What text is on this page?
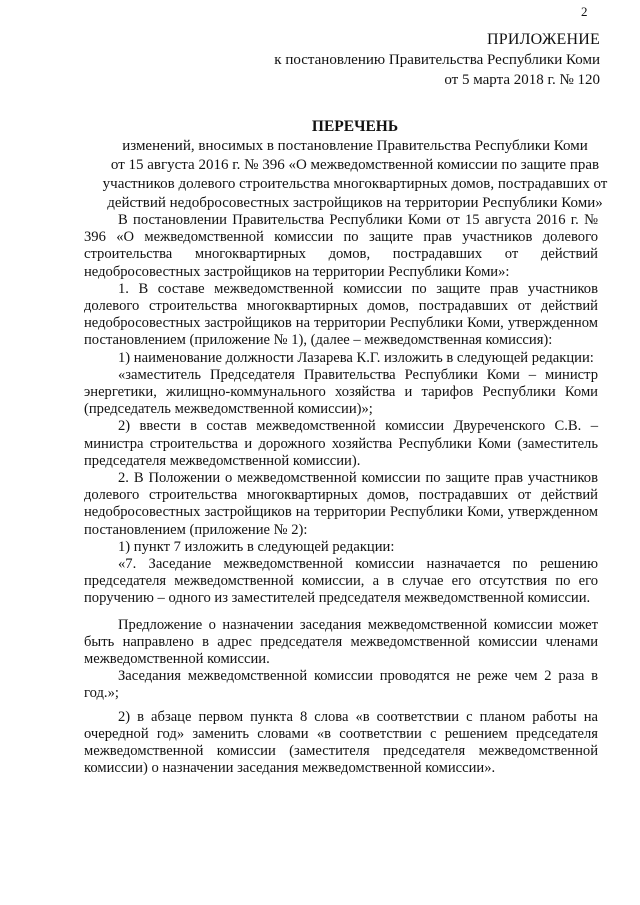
2
ПРИЛОЖЕНИЕ
к постановлению Правительства Республики Коми
от 5 марта 2018 г. № 120
ПЕРЕЧЕНЬ
изменений, вносимых в постановление Правительства Республики Коми
от 15 августа 2016 г. № 396 «О межведомственной комиссии по защите прав
участников долевого строительства многоквартирных домов, пострадавших от
действий недобросовестных застройщиков на территории Республики Коми»

В постановлении Правительства Республики Коми от 15 августа 2016 г. № 396 «О межведомственной комиссии по защите прав участников долевого строительства многоквартирных домов, пострадавших от действий недобросовестных застройщиков на территории Республики Коми»:

1. В составе межведомственной комиссии по защите прав участников долевого строительства многоквартирных домов, пострадавших от действий недобросовестных застройщиков на территории Республики Коми, утвержденном постановлением (приложение № 1), (далее – межведомственная комиссия):

1) наименование должности Лазарева К.Г. изложить в следующей редакции:

«заместитель Председателя Правительства Республики Коми – министр энергетики, жилищно-коммунального хозяйства и тарифов Республики Коми (председатель межведомственной комиссии)»;

2) ввести в состав межведомственной комиссии Двуреченского С.В. – министра строительства и дорожного хозяйства Республики Коми (заместитель председателя межведомственной комиссии).

2. В Положении о межведомственной комиссии по защите прав участников долевого строительства многоквартирных домов, пострадавших от действий недобросовестных застройщиков на территории Республики Коми, утвержденном постановлением (приложение № 2):

1) пункт 7 изложить в следующей редакции:

«7. Заседание межведомственной комиссии назначается по решению председателя межведомственной комиссии, а в случае его отсутствия по его поручению – одного из заместителей председателя межведомственной комиссии.

Предложение о назначении заседания межведомственной комиссии может быть направлено в адрес председателя межведомственной комиссии членами межведомственной комиссии.

Заседания межведомственной комиссии проводятся не реже чем 2 раза в год.»;

2) в абзаце первом пункта 8 слова «в соответствии с планом работы на очередной год» заменить словами «в соответствии с решением председателя межведомственной комиссии (заместителя председателя межведомственной комиссии) о назначении заседания межведомственной комиссии».
